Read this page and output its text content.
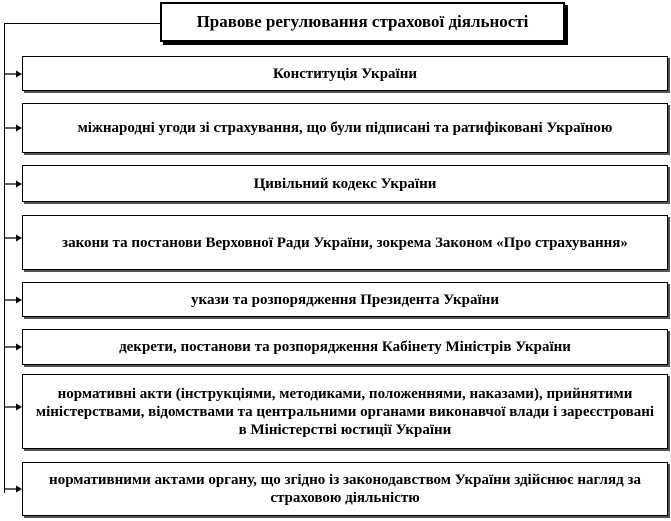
Правове регулювання страхової діяльності
Конституція України
міжнародні угоди зі страхування, що були підписані та ратифіковані Україною
Цивільний кодекс України
закони та постанови Верховної Ради України, зокрема Законом «Про страхування»
укази та розпорядження Президента України
декрети, постанови та розпорядження Кабінету Міністрів України
нормативні акти (інструкціями, методиками, положеннями, наказами), прийнятими міністерствами, відомствами та центральними органами виконавчої влади і зареєстровані в Міністерстві юстиції України
нормативними актами органу, що згідно із законодавством України здійснює нагляд за страховою діяльністю
